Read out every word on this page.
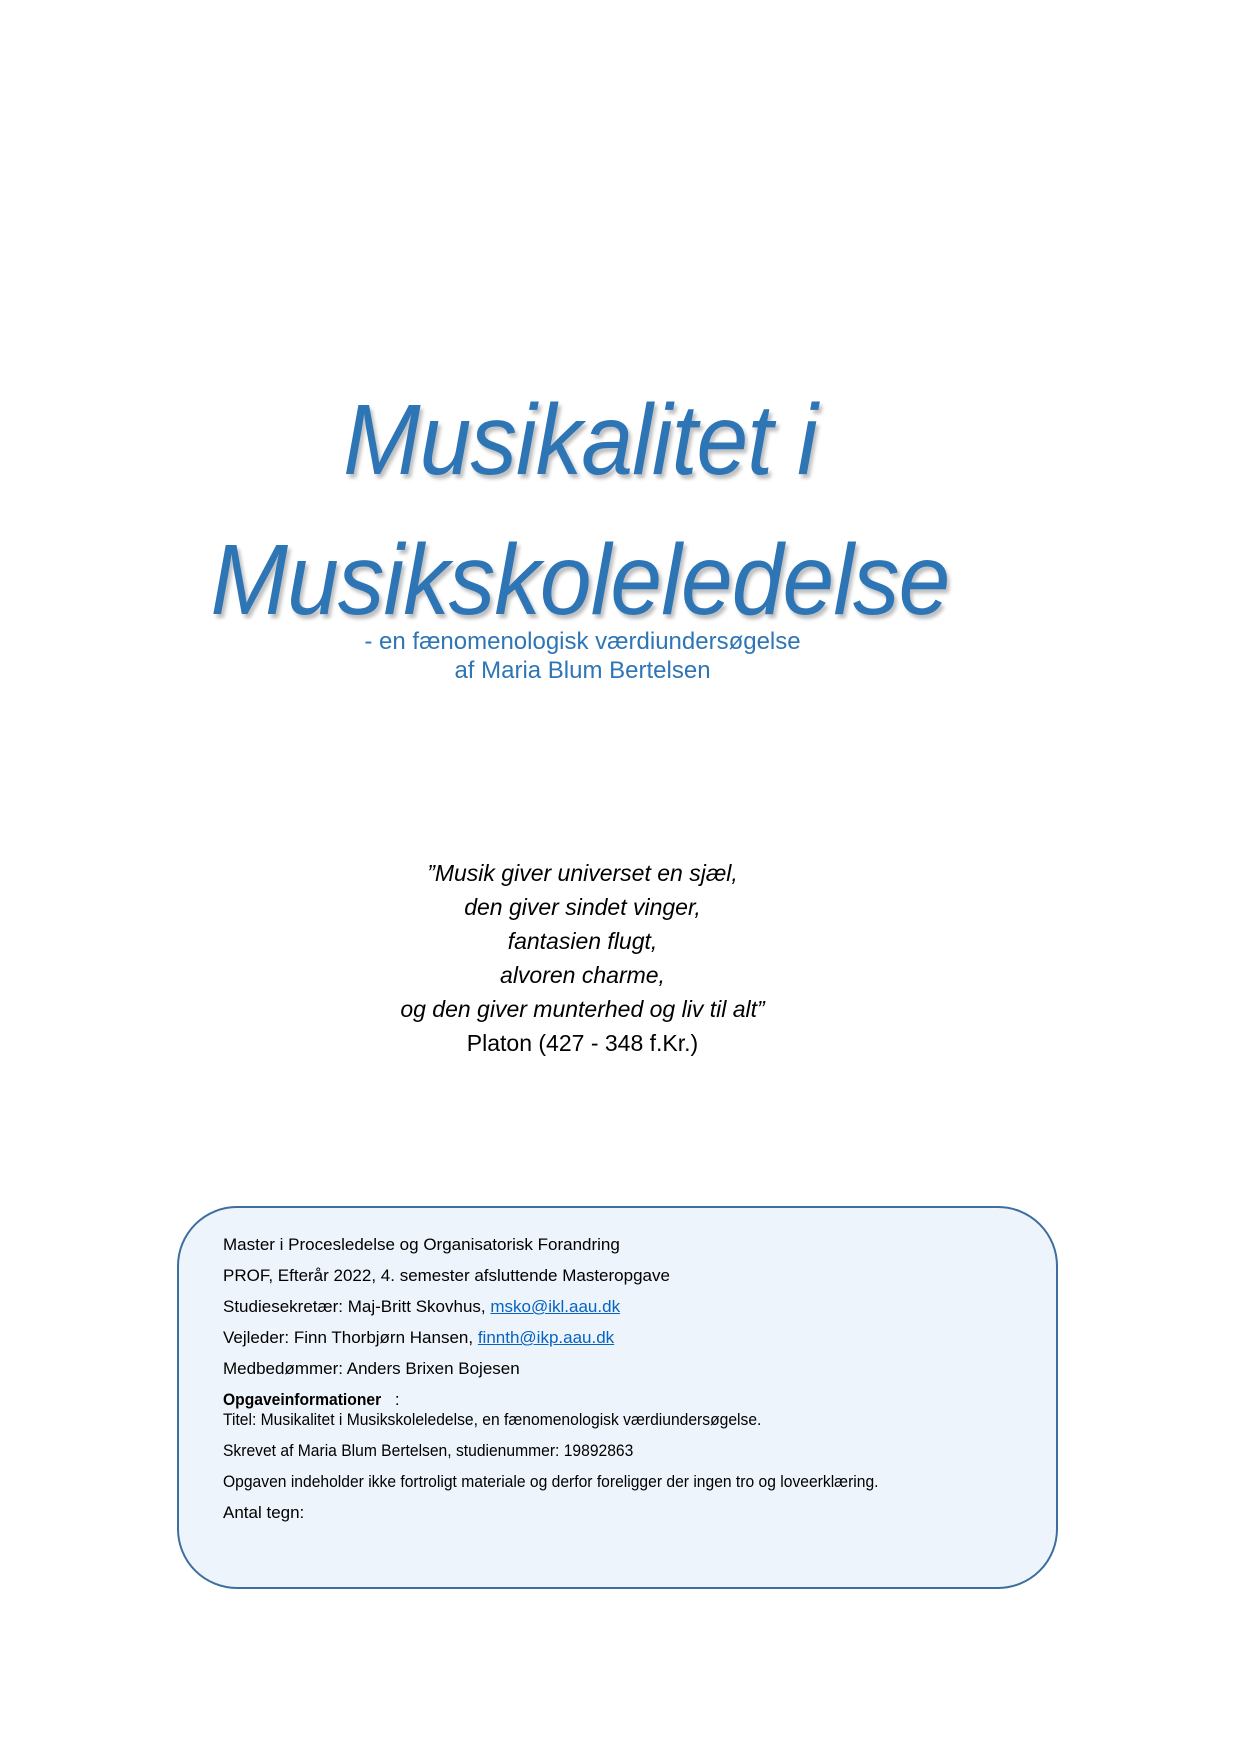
Musikalitet i
Musikskoleledelse
- en fænomenologisk værdiundersøgelse
af Maria Blum Bertelsen
”Musik giver universet en sjæl,
den giver sindet vinger,
fantasien flugt,
alvoren charme,
og den giver munterhed og liv til alt”
Platon (427 - 348 f.Kr.)
Master i Procesledelse og Organisatorisk Forandring
PROF, Efterår 2022, 4. semester afsluttende Masteropgave
Studiesekretær: Maj-Britt Skovhus, msko@ikl.aau.dk
Vejleder: Finn Thorbjørn Hansen, finnth@ikp.aau.dk
Medbedømmer: Anders Brixen Bojesen
Opgaveinformationer :
Titel: Musikalitet i Musikskoleledelse, en fænomenologisk værdiundersøgelse.
Skrevet af Maria Blum Bertelsen, studienummer: 19892863
Opgaven indeholder ikke fortroligt materiale og derfor foreligger der ingen tro og loveerklæring.
Antal tegn:
